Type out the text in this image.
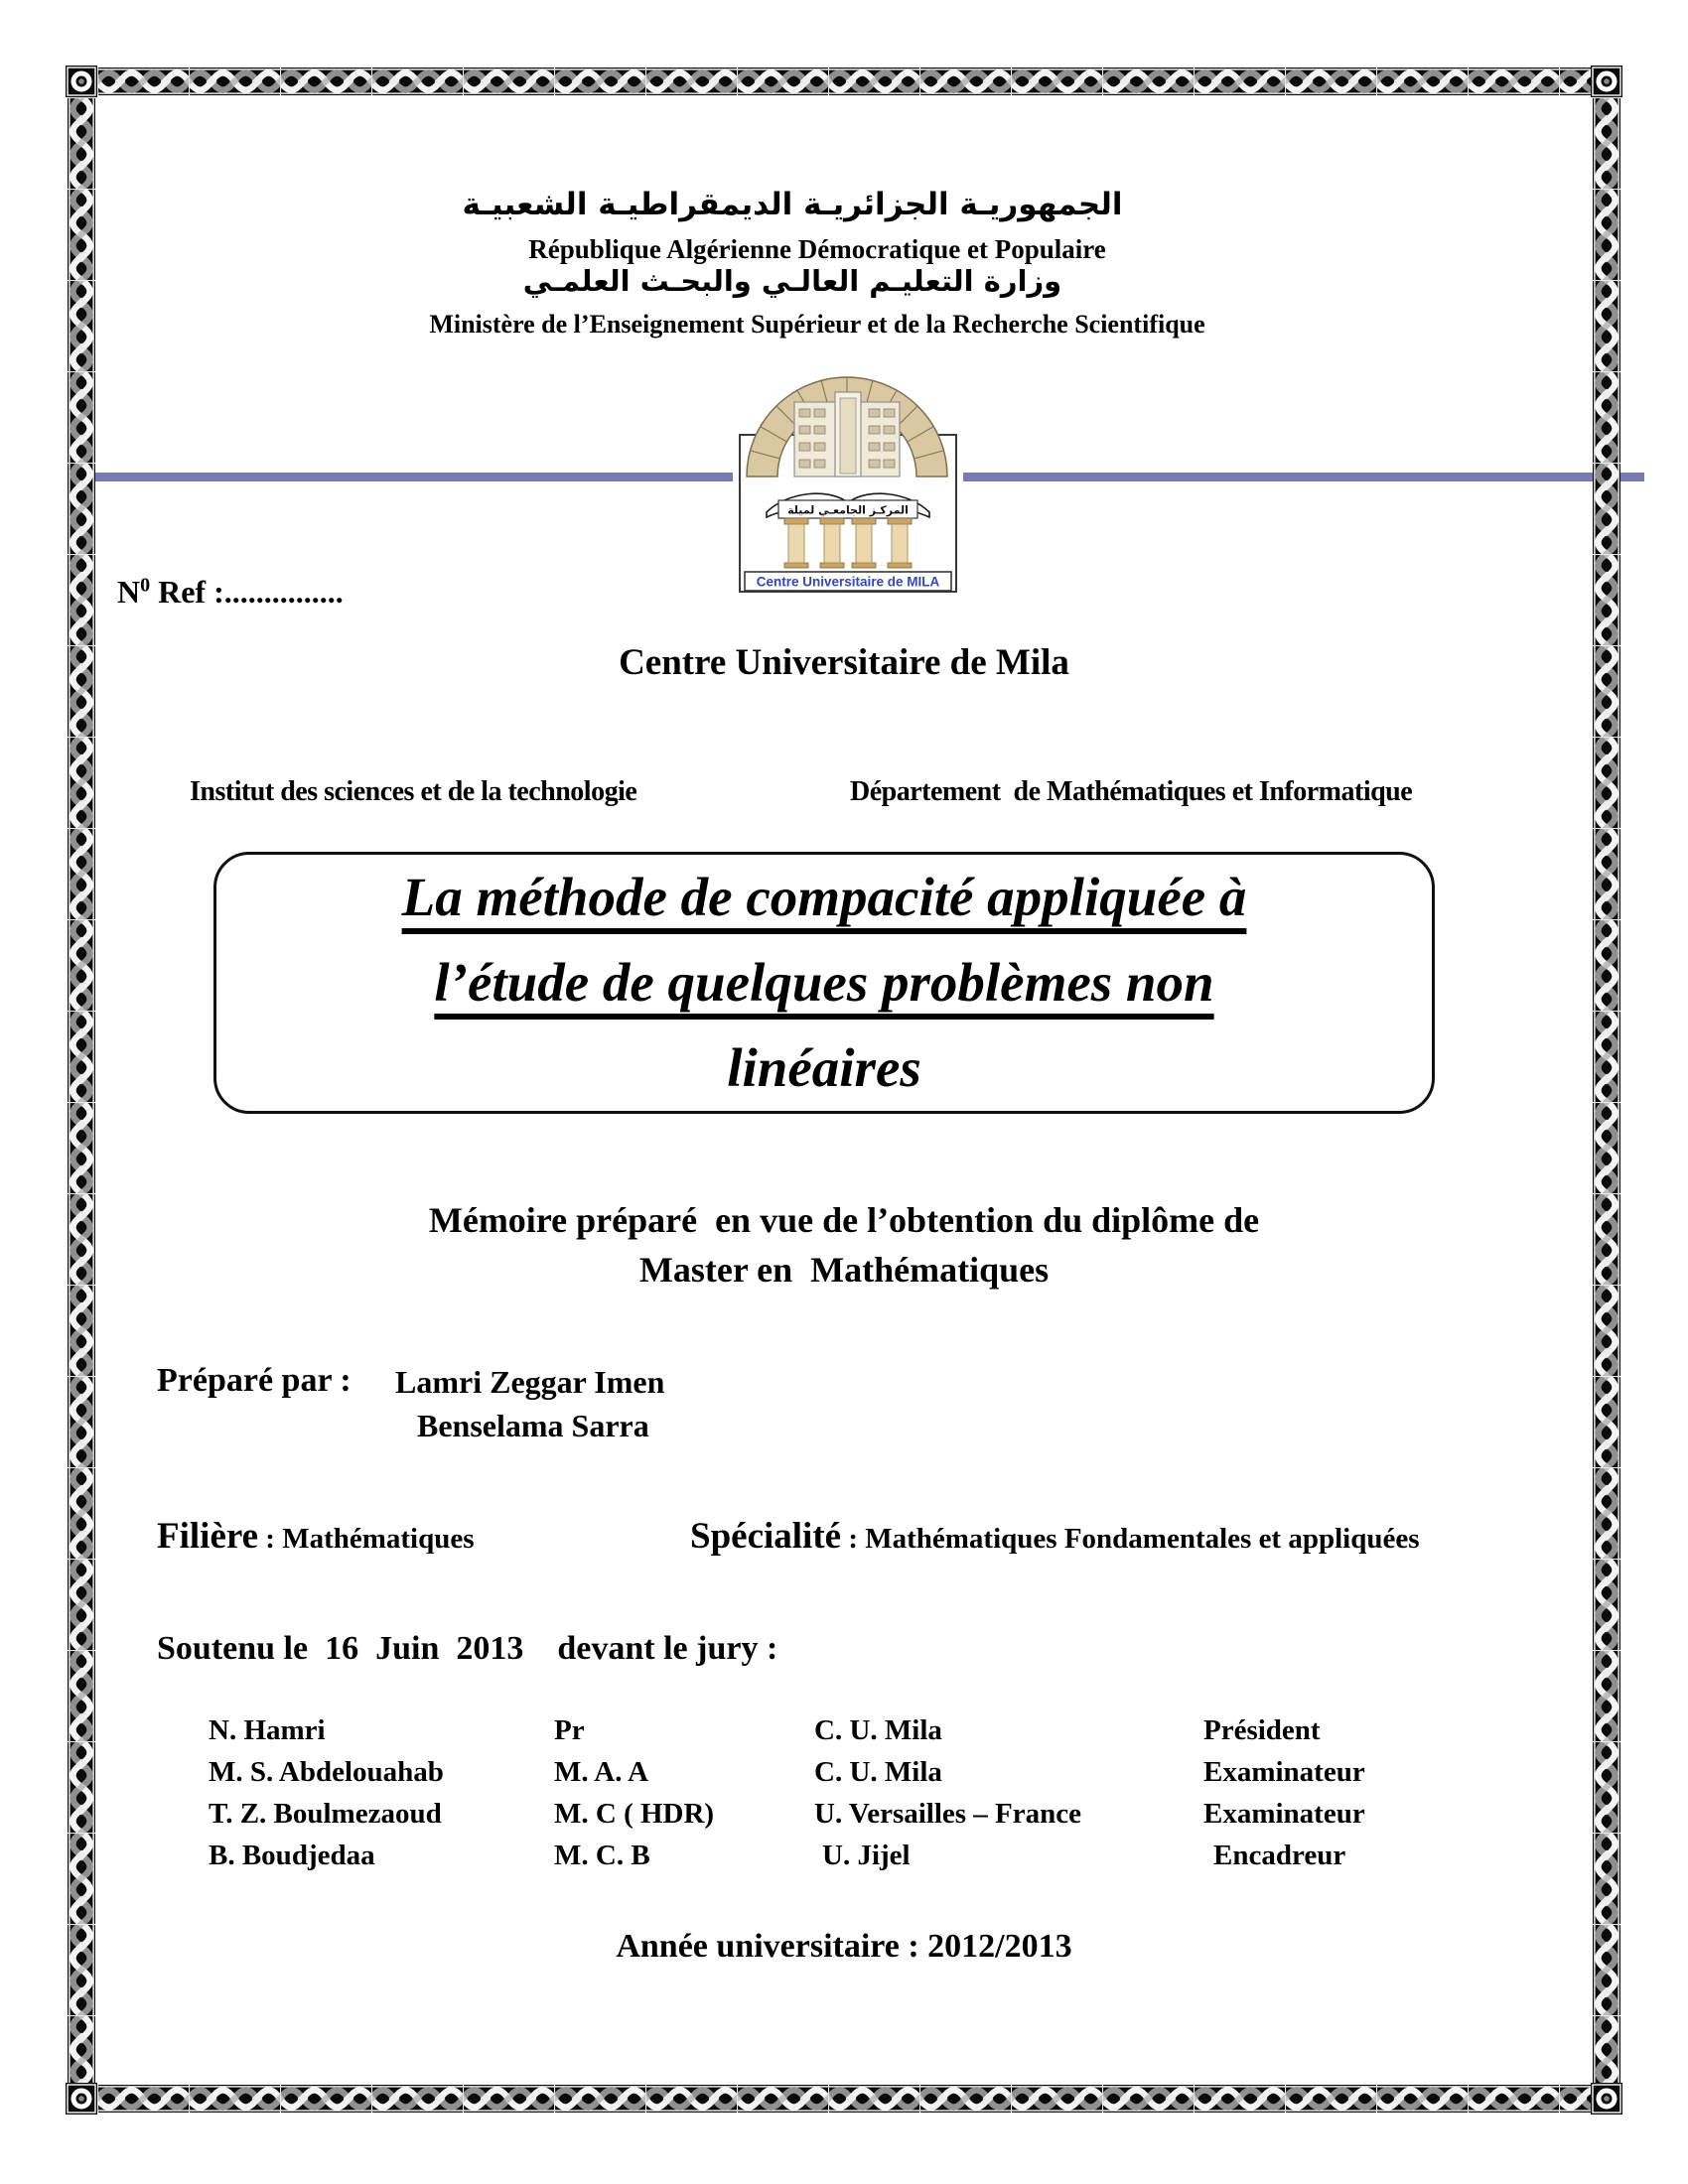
الجمهوريـة الجزائريـة الديمقراطيـة الشعبيـة
République Algérienne Démocratique et Populaire
وزارة التعليـم العالـي والبحـث العلمـي
Ministère de l’Enseignement Supérieur et de la Recherche Scientifique
المركـز الجامعـي لميلة
Centre Universitaire de MILA
$N^0$ Ref :...............
Centre Universitaire de Mila
Institut des sciences et de la technologie	Département  de Mathématiques et Informatique
La méthode de compacité appliquée à
l’étude de quelques problèmes non
linéaires
Mémoire préparé  en vue de l’obtention du diplôme de
Master en  Mathématiques
Préparé par : Lamri Zeggar Imen
Benselama Sarra
Filière : Mathématiques	Spécialité : Mathématiques Fondamentales et appliquées
Soutenu le  16  Juin  2013    devant le jury :
N. Hamri	Pr	C. U. Mila	Président
M. S. Abdelouahab	M. A. A	C. U. Mila	Examinateur
T. Z. Boulmezaoud	M. C ( HDR)	U. Versailles – France	Examinateur
B. Boudjedaa	M. C. B	U. Jijel	Encadreur
Année universitaire : 2012/2013
